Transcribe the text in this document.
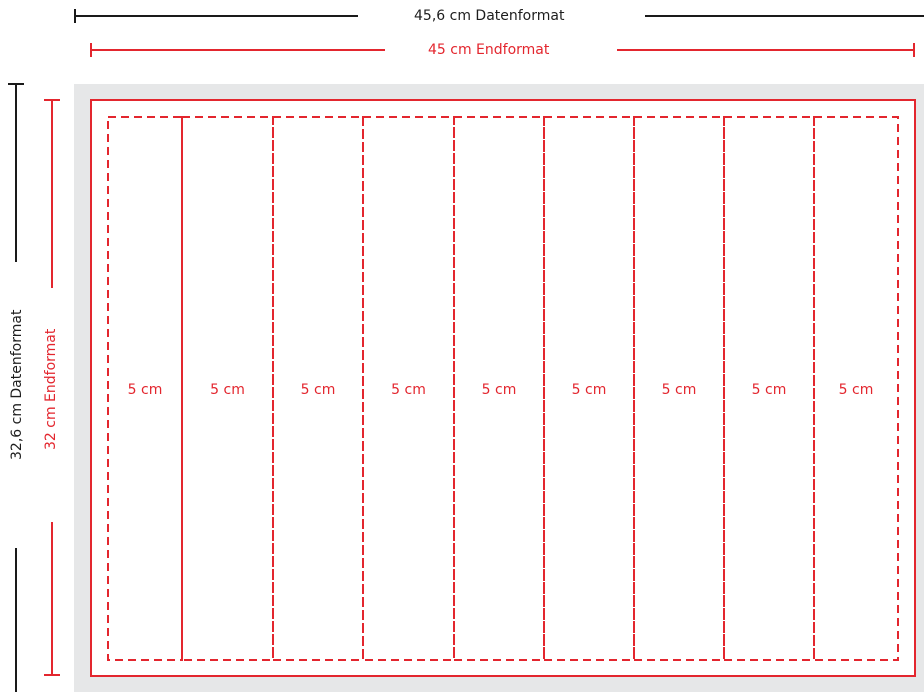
45,6 cm Datenformat
45 cm Endformat
32,6 cm Datenformat 32 cm Endformat	5 cm	5 cm	5 cm	5 cm	5 cm	5 cm	5 cm	5 cm	5 cm
